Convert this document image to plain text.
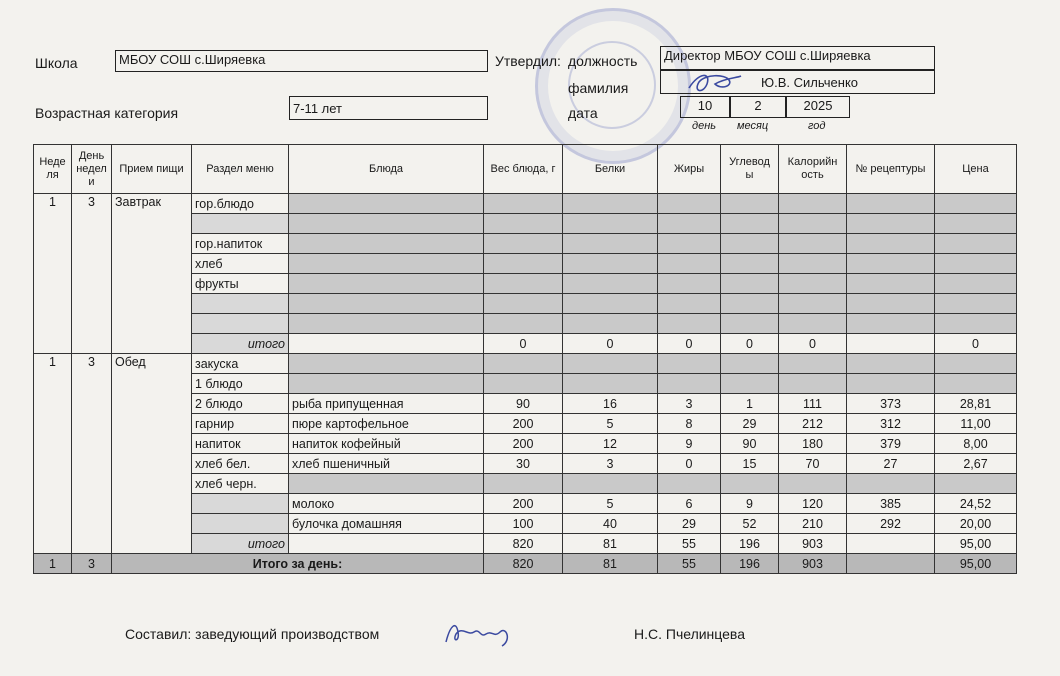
Школа	МБОУ СОШ с.Ширяевка
Возрастная категория	7-11 лет
Утвердил: должность	Директор МБОУ СОШ с.Ширяевка
фамилия	Ю.В. Сильченко
дата	10	2	2025
день месяц	год
Неде ля	День недел и	Прием пищи	Раздел меню	Блюда	Вес блюда, г	Белки	Жиры	Углевод ы	Калорийн ость	№ рецептуры	Цена
1	3	Завтрак	гор.блюдо								

			гор.напиток								
			хлеб								
			фрукты								

			итого		0	0	0	0	0		0
1	3	Обед	закуска								
			1 блюдо								
			2 блюдо	рыба припущенная	90	16	3	1	111	373	28,81
			гарнир	пюре картофельное	200	5	8	29	212	312	11,00
			напиток	напиток кофейный	200	12	9	90	180	379	8,00
			хлеб бел.	хлеб пшеничный	30	3	0	15	70	27	2,67
			хлеб черн.								
				молоко	200	5	6	9	120	385	24,52
				булочка домашняя	100	40	29	52	210	292	20,00
			итого		820	81	55	196	903		95,00
1	3	Итого за день:			820	81	55	196	903		95,00
Составил: заведующий производством	Н.С. Пчелинцева
